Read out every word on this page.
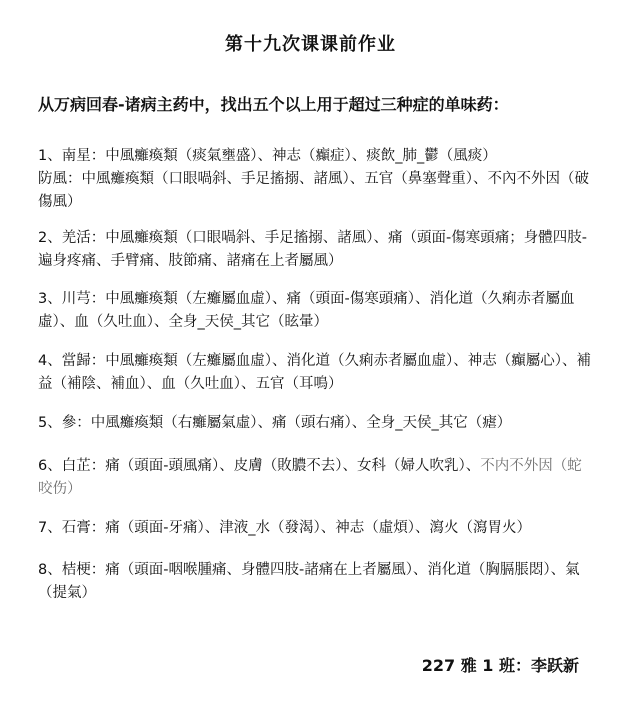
第十九次课课前作业
从万病回春-诸病主药中，找出五个以上用于超过三种症的单味药：
1、南星：中風癱瘓類（痰氣壅盛）、神志（癲症）、痰飲_肺_鬱（風痰）
防風：中風癱瘓類（口眼喎斜、手足搐搦、諸風）、五官（鼻塞聲重）、不內不外因（破傷風）
2、羌活：中風癱瘓類（口眼喎斜、手足搐搦、諸風）、痛（頭面-傷寒頭痛；身體四肢-遍身疼痛、手臂痛、肢節痛、諸痛在上者屬風）
3、川芎：中風癱瘓類（左癱屬血虛）、痛（頭面-傷寒頭痛）、消化道（久痢赤者屬血虛）、血（久吐血）、全身_天侯_其它（眩暈）
4、當歸：中風癱瘓類（左癱屬血虛）、消化道（久痢赤者屬血虛）、神志（癲屬心）、補益（補陰、補血）、血（久吐血）、五官（耳鳴）
5、參：中風癱瘓類（右癱屬氣虛）、痛（頭右痛）、全身_天侯_其它（瘧）
6、白芷：痛（頭面-頭風痛）、皮膚（敗膿不去）、女科（婦人吹乳）、不内不外因（蛇咬伤）
7、石膏：痛（頭面-牙痛）、津液_水（發渴）、神志（虛煩）、瀉火（瀉胃火）
8、桔梗：痛（頭面-咽喉腫痛、身體四肢-諸痛在上者屬風）、消化道（胸膈脹悶）、氣（提氣）
227 雅 1 班：李跃新
